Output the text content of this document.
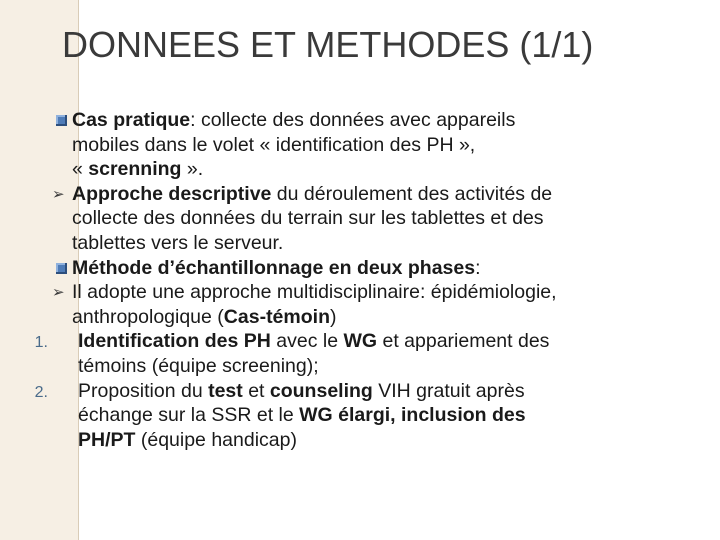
DONNEES ET METHODES (1/1)
Cas pratique: collecte des données avec appareils
mobiles dans le volet « identification des PH »,
« screnning ».
➢ Approche descriptive du déroulement des activités de
collecte des données du terrain sur les tablettes et des
tablettes vers le serveur.
Méthode d’échantillonnage en deux phases:
➢ Il adopte une approche multidisciplinaire: épidémiologie,
anthropologique (Cas-témoin)
1. Identification des PH avec le WG et appariement des
témoins (équipe screening);
2. Proposition du test et counseling VIH gratuit après
échange sur la SSR et le WG élargi, inclusion des
PH/PT (équipe handicap)
